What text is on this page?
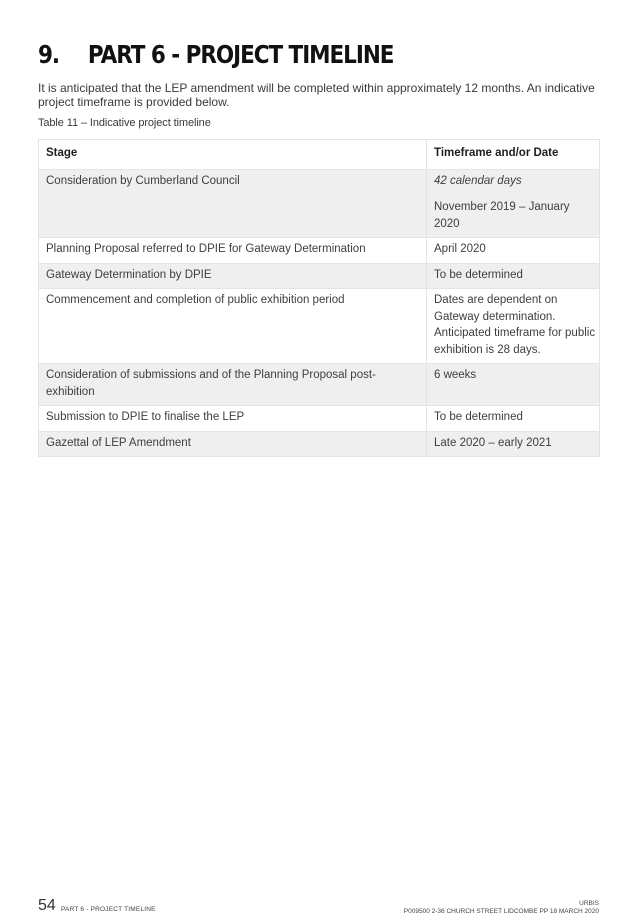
9. PART 6 - PROJECT TIMELINE

It is anticipated that the LEP amendment will be completed within approximately 12 months. An indicative project timeframe is provided below.

Table 11 – Indicative project timeline

Stage	Timeframe and/or Date
Consideration by Cumberland Council	42 calendar days

November 2019 – January 2020

Planning Proposal referred to DPIE for Gateway Determination	April 2020
Gateway Determination by DPIE	To be determined
Commencement and completion of public exhibition period	Dates are dependent on Gateway determination. Anticipated timeframe for public exhibition is 28 days.
Consideration of submissions and of the Planning Proposal post-exhibition	6 weeks
Submission to DPIE to finalise the LEP	To be determined
Gazettal of LEP Amendment	Late 2020 – early 2021
54 PART 6 - PROJECT TIMELINE
URBIS
P009500 2-36 CHURCH STREET LIDCOMBE PP 18 MARCH 2020
